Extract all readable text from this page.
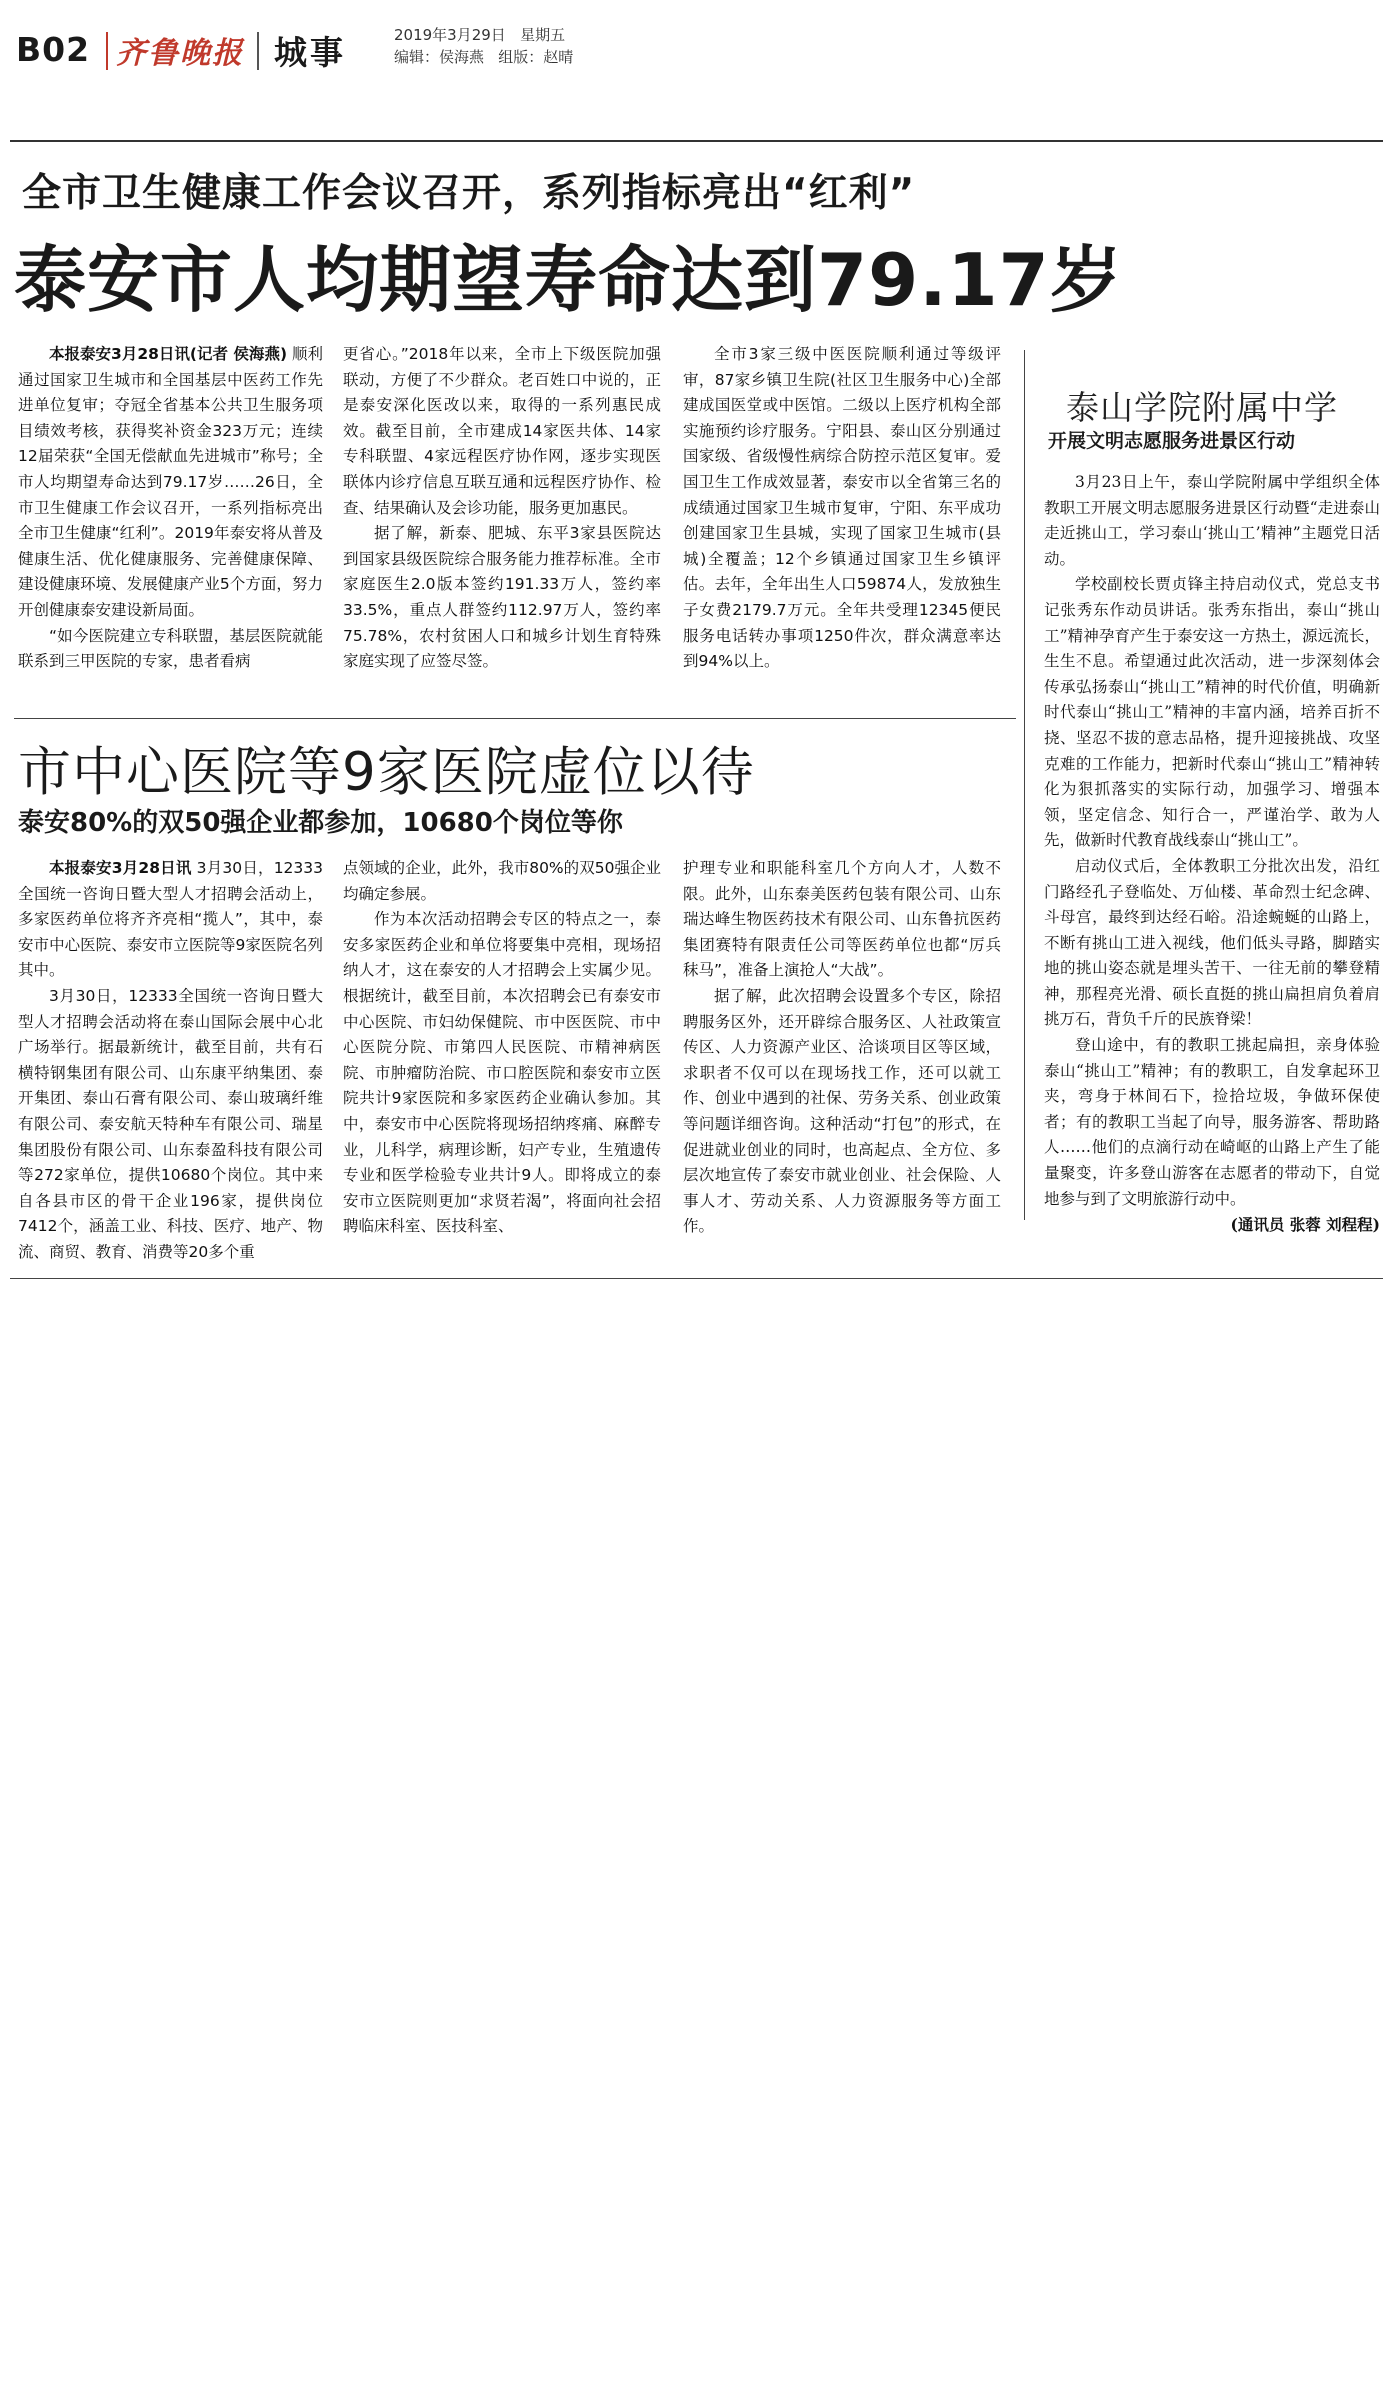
B02 齐鲁晚报 城事	2019年3月29日   星期五
编辑：侯海燕   组版：赵晴
全市卫生健康工作会议召开，系列指标亮出“红利”
泰安市人均期望寿命达到79.17岁

本报泰安3月28日讯(记者 侯海燕) 顺利通过国家卫生城市和全国基层中医药工作先进单位复审；夺冠全省基本公共卫生服务项目绩效考核，获得奖补资金323万元；连续12届荣获“全国无偿献血先进城市”称号；全市人均期望寿命达到79.17岁……26日，全市卫生健康工作会议召开，一系列指标亮出全市卫生健康“红利”。2019年泰安将从普及健康生活、优化健康服务、完善健康保障、建设健康环境、发展健康产业5个方面，努力开创健康泰安建设新局面。

“如今医院建立专科联盟，基层医院就能联系到三甲医院的专家，患者看病

更省心。”2018年以来，全市上下级医院加强联动，方便了不少群众。老百姓口中说的，正是泰安深化医改以来，取得的一系列惠民成效。截至目前，全市建成14家医共体、14家专科联盟、4家远程医疗协作网，逐步实现医联体内诊疗信息互联互通和远程医疗协作、检查、结果确认及会诊功能，服务更加惠民。

据了解，新泰、肥城、东平3家县医院达到国家县级医院综合服务能力推荐标准。全市家庭医生2.0版本签约191.33万人，签约率33.5%，重点人群签约112.97万人，签约率75.78%，农村贫困人口和城乡计划生育特殊家庭实现了应签尽签。

全市3家三级中医医院顺利通过等级评审，87家乡镇卫生院(社区卫生服务中心)全部建成国医堂或中医馆。二级以上医疗机构全部实施预约诊疗服务。宁阳县、泰山区分别通过国家级、省级慢性病综合防控示范区复审。爱国卫生工作成效显著，泰安市以全省第三名的成绩通过国家卫生城市复审，宁阳、东平成功创建国家卫生县城，实现了国家卫生城市(县城)全覆盖；12个乡镇通过国家卫生乡镇评估。去年，全年出生人口59874人，发放独生子女费2179.7万元。全年共受理12345便民服务电话转办事项1250件次，群众满意率达到94%以上。

市中心医院等9家医院虚位以待
泰安80%的双50强企业都参加，10680个岗位等你

本报泰安3月28日讯 3月30日，12333全国统一咨询日暨大型人才招聘会活动上，多家医药单位将齐齐亮相“揽人”，其中，泰安市中心医院、泰安市立医院等9家医院名列其中。

3月30日，12333全国统一咨询日暨大型人才招聘会活动将在泰山国际会展中心北广场举行。据最新统计，截至目前，共有石横特钢集团有限公司、山东康平纳集团、泰开集团、泰山石膏有限公司、泰山玻璃纤维有限公司、泰安航天特种车有限公司、瑞星集团股份有限公司、山东泰盈科技有限公司等272家单位，提供10680个岗位。其中来自各县市区的骨干企业196家，提供岗位7412个，涵盖工业、科技、医疗、地产、物流、商贸、教育、消费等20多个重

点领域的企业，此外，我市80%的双50强企业均确定参展。

作为本次活动招聘会专区的特点之一，泰安多家医药企业和单位将要集中亮相，现场招纳人才，这在泰安的人才招聘会上实属少见。根据统计，截至目前，本次招聘会已有泰安市中心医院、市妇幼保健院、市中医医院、市中心医院分院、市第四人民医院、市精神病医院、市肿瘤防治院、市口腔医院和泰安市立医院共计9家医院和多家医药企业确认参加。其中，泰安市中心医院将现场招纳疼痛、麻醉专业，儿科学，病理诊断，妇产专业，生殖遗传专业和医学检验专业共计9人。即将成立的泰安市立医院则更加“求贤若渴”，将面向社会招聘临床科室、医技科室、

护理专业和职能科室几个方向人才，人数不限。此外，山东泰美医药包装有限公司、山东瑞达峰生物医药技术有限公司、山东鲁抗医药集团赛特有限责任公司等医药单位也都“厉兵秣马”，准备上演抢人“大战”。

据了解，此次招聘会设置多个专区，除招聘服务区外，还开辟综合服务区、人社政策宣传区、人力资源产业区、洽谈项目区等区域，求职者不仅可以在现场找工作，还可以就工作、创业中遇到的社保、劳务关系、创业政策等问题详细咨询。这种活动“打包”的形式，在促进就业创业的同时，也高起点、全方位、多层次地宣传了泰安市就业创业、社会保险、人事人才、劳动关系、人力资源服务等方面工作。

泰山学院附属中学
开展文明志愿服务进景区行动

3月23日上午，泰山学院附属中学组织全体教职工开展文明志愿服务进景区行动暨“走进泰山走近挑山工，学习泰山‘挑山工’精神”主题党日活动。

学校副校长贾贞锋主持启动仪式，党总支书记张秀东作动员讲话。张秀东指出，泰山“挑山工”精神孕育产生于泰安这一方热土，源远流长，生生不息。希望通过此次活动，进一步深刻体会传承弘扬泰山“挑山工”精神的时代价值，明确新时代泰山“挑山工”精神的丰富内涵，培养百折不挠、坚忍不拔的意志品格，提升迎接挑战、攻坚克难的工作能力，把新时代泰山“挑山工”精神转化为狠抓落实的实际行动，加强学习、增强本领，坚定信念、知行合一，严谨治学、敢为人先，做新时代教育战线泰山“挑山工”。

启动仪式后，全体教职工分批次出发，沿红门路经孔子登临处、万仙楼、革命烈士纪念碑、斗母宫，最终到达经石峪。沿途蜿蜒的山路上，不断有挑山工进入视线，他们低头寻路，脚踏实地的挑山姿态就是埋头苦干、一往无前的攀登精神，那程亮光滑、硕长直挺的挑山扁担肩负着肩挑万石，背负千斤的民族脊梁！

登山途中，有的教职工挑起扁担，亲身体验泰山“挑山工”精神；有的教职工，自发拿起环卫夹，弯身于林间石下，捡拾垃圾，争做环保使者；有的教职工当起了向导，服务游客、帮助路人……他们的点滴行动在崎岖的山路上产生了能量聚变，许多登山游客在志愿者的带动下，自觉地参与到了文明旅游行动中。

(通讯员 张蓉 刘程程)
